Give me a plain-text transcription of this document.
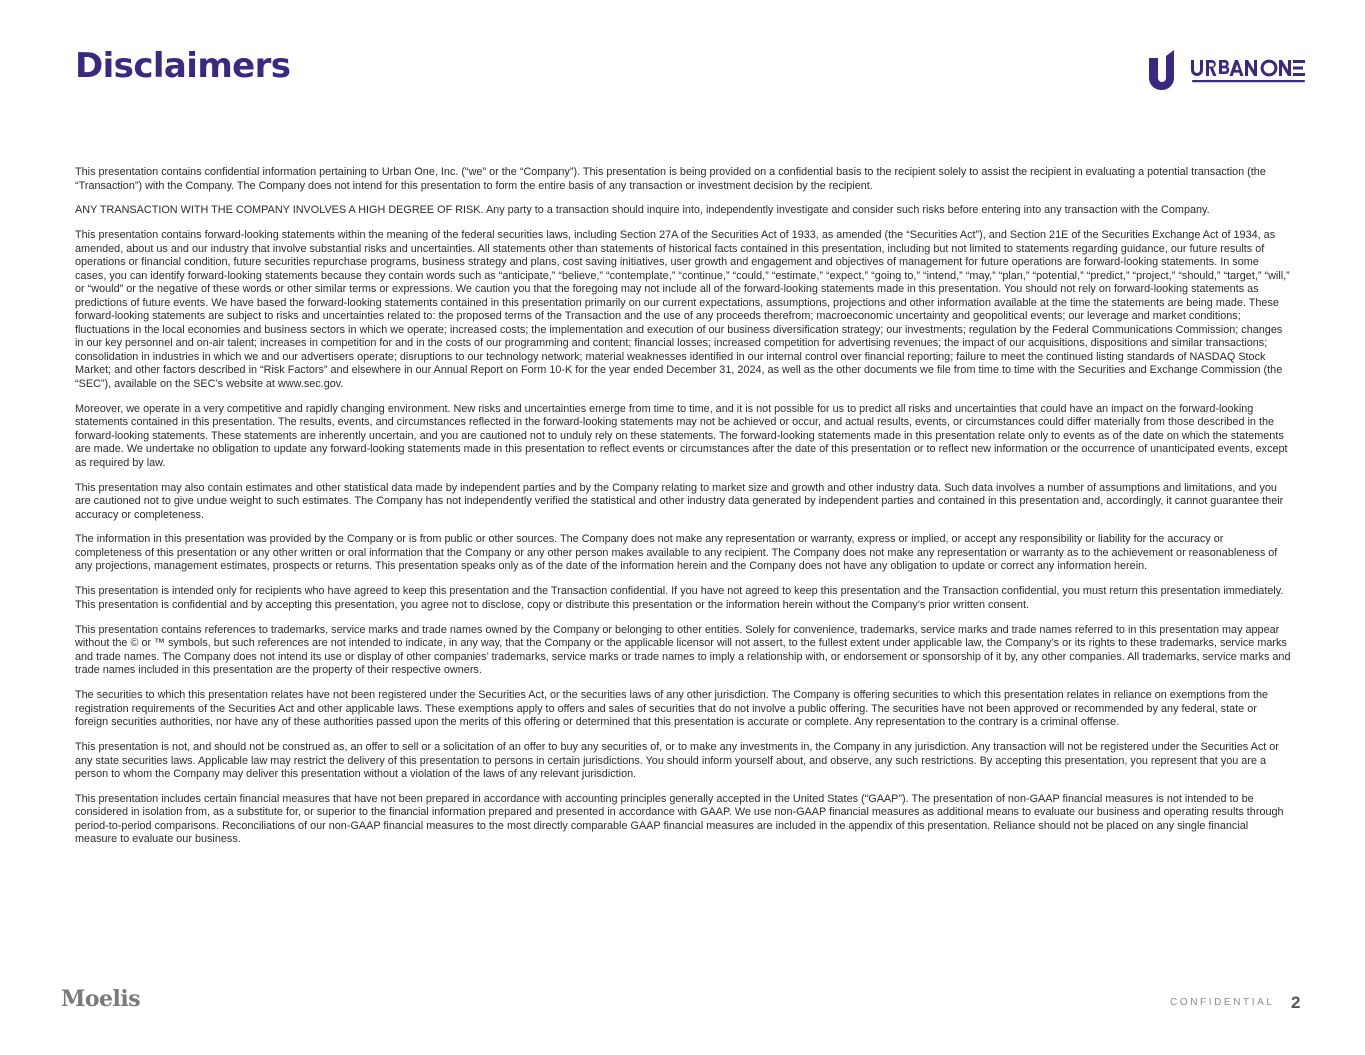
Disclaimers

This presentation contains confidential information pertaining to Urban One, Inc. (“we” or the “Company”). This presentation is being provided on a confidential basis to the recipient solely to assist the recipient in evaluating a potential transaction (the “Transaction”) with the Company. The Company does not intend for this presentation to form the entire basis of any transaction or investment decision by the recipient.

ANY TRANSACTION WITH THE COMPANY INVOLVES A HIGH DEGREE OF RISK. Any party to a transaction should inquire into, independently investigate and consider such risks before entering into any transaction with the Company.

This presentation contains forward-looking statements within the meaning of the federal securities laws, including Section 27A of the Securities Act of 1933, as amended (the “Securities Act”), and Section 21E of the Securities Exchange Act of 1934, as amended, about us and our industry that involve substantial risks and uncertainties. All statements other than statements of historical facts contained in this presentation, including but not limited to statements regarding guidance, our future results of operations or financial condition, future securities repurchase programs, business strategy and plans, cost saving initiatives, user growth and engagement and objectives of management for future operations are forward-looking statements. In some cases, you can identify forward-looking statements because they contain words such as “anticipate,” “believe,” “contemplate,” “continue,” “could,” “estimate,” “expect,” “going to,” “intend,” “may,” “plan,” “potential,” “predict,” “project,” “should,” “target,” “will,” or “would” or the negative of these words or other similar terms or expressions. We caution you that the foregoing may not include all of the forward-looking statements made in this presentation. You should not rely on forward-looking statements as predictions of future events. We have based the forward-looking statements contained in this presentation primarily on our current expectations, assumptions, projections and other information available at the time the statements are being made. These forward-looking statements are subject to risks and uncertainties related to: the proposed terms of the Transaction and the use of any proceeds therefrom; macroeconomic uncertainty and geopolitical events; our leverage and market conditions; fluctuations in the local economies and business sectors in which we operate; increased costs; the implementation and execution of our business diversification strategy; our investments; regulation by the Federal Communications Commission; changes in our key personnel and on-air talent; increases in competition for and in the costs of our programming and content; financial losses; increased competition for advertising revenues; the impact of our acquisitions, dispositions and similar transactions; consolidation in industries in which we and our advertisers operate; disruptions to our technology network; material weaknesses identified in our internal control over financial reporting; failure to meet the continued listing standards of NASDAQ Stock Market; and other factors described in “Risk Factors” and elsewhere in our Annual Report on Form 10-K for the year ended December 31, 2024, as well as the other documents we file from time to time with the Securities and Exchange Commission (the “SEC”), available on the SEC’s website at www.sec.gov.

Moreover, we operate in a very competitive and rapidly changing environment. New risks and uncertainties emerge from time to time, and it is not possible for us to predict all risks and uncertainties that could have an impact on the forward-looking statements contained in this presentation. The results, events, and circumstances reflected in the forward-looking statements may not be achieved or occur, and actual results, events, or circumstances could differ materially from those described in the forward-looking statements. These statements are inherently uncertain, and you are cautioned not to unduly rely on these statements. The forward-looking statements made in this presentation relate only to events as of the date on which the statements are made. We undertake no obligation to update any forward-looking statements made in this presentation to reflect events or circumstances after the date of this presentation or to reflect new information or the occurrence of unanticipated events, except as required by law.

This presentation may also contain estimates and other statistical data made by independent parties and by the Company relating to market size and growth and other industry data. Such data involves a number of assumptions and limitations, and you are cautioned not to give undue weight to such estimates. The Company has not independently verified the statistical and other industry data generated by independent parties and contained in this presentation and, accordingly, it cannot guarantee their accuracy or completeness.

The information in this presentation was provided by the Company or is from public or other sources. The Company does not make any representation or warranty, express or implied, or accept any responsibility or liability for the accuracy or completeness of this presentation or any other written or oral information that the Company or any other person makes available to any recipient. The Company does not make any representation or warranty as to the achievement or reasonableness of any projections, management estimates, prospects or returns. This presentation speaks only as of the date of the information herein and the Company does not have any obligation to update or correct any information herein.

This presentation is intended only for recipients who have agreed to keep this presentation and the Transaction confidential. If you have not agreed to keep this presentation and the Transaction confidential, you must return this presentation immediately. This presentation is confidential and by accepting this presentation, you agree not to disclose, copy or distribute this presentation or the information herein without the Company’s prior written consent.

This presentation contains references to trademarks, service marks and trade names owned by the Company or belonging to other entities. Solely for convenience, trademarks, service marks and trade names referred to in this presentation may appear without the © or ™ symbols, but such references are not intended to indicate, in any way, that the Company or the applicable licensor will not assert, to the fullest extent under applicable law, the Company’s or its rights to these trademarks, service marks and trade names. The Company does not intend its use or display of other companies’ trademarks, service marks or trade names to imply a relationship with, or endorsement or sponsorship of it by, any other companies. All trademarks, service marks and trade names included in this presentation are the property of their respective owners.

The securities to which this presentation relates have not been registered under the Securities Act, or the securities laws of any other jurisdiction. The Company is offering securities to which this presentation relates in reliance on exemptions from the registration requirements of the Securities Act and other applicable laws. These exemptions apply to offers and sales of securities that do not involve a public offering. The securities have not been approved or recommended by any federal, state or foreign securities authorities, nor have any of these authorities passed upon the merits of this offering or determined that this presentation is accurate or complete. Any representation to the contrary is a criminal offense.

This presentation is not, and should not be construed as, an offer to sell or a solicitation of an offer to buy any securities of, or to make any investments in, the Company in any jurisdiction. Any transaction will not be registered under the Securities Act or any state securities laws. Applicable law may restrict the delivery of this presentation to persons in certain jurisdictions. You should inform yourself about, and observe, any such restrictions. By accepting this presentation, you represent that you are a person to whom the Company may deliver this presentation without a violation of the laws of any relevant jurisdiction.

This presentation includes certain financial measures that have not been prepared in accordance with accounting principles generally accepted in the United States (“GAAP”). The presentation of non-GAAP financial measures is not intended to be considered in isolation from, as a substitute for, or superior to the financial information prepared and presented in accordance with GAAP. We use non-GAAP financial measures as additional means to evaluate our business and operating results through period-to-period comparisons. Reconciliations of our non-GAAP financial measures to the most directly comparable GAAP financial measures are included in the appendix of this presentation. Reliance should not be placed on any single financial measure to evaluate our business.

Moelis	CONFIDENTIAL 2
